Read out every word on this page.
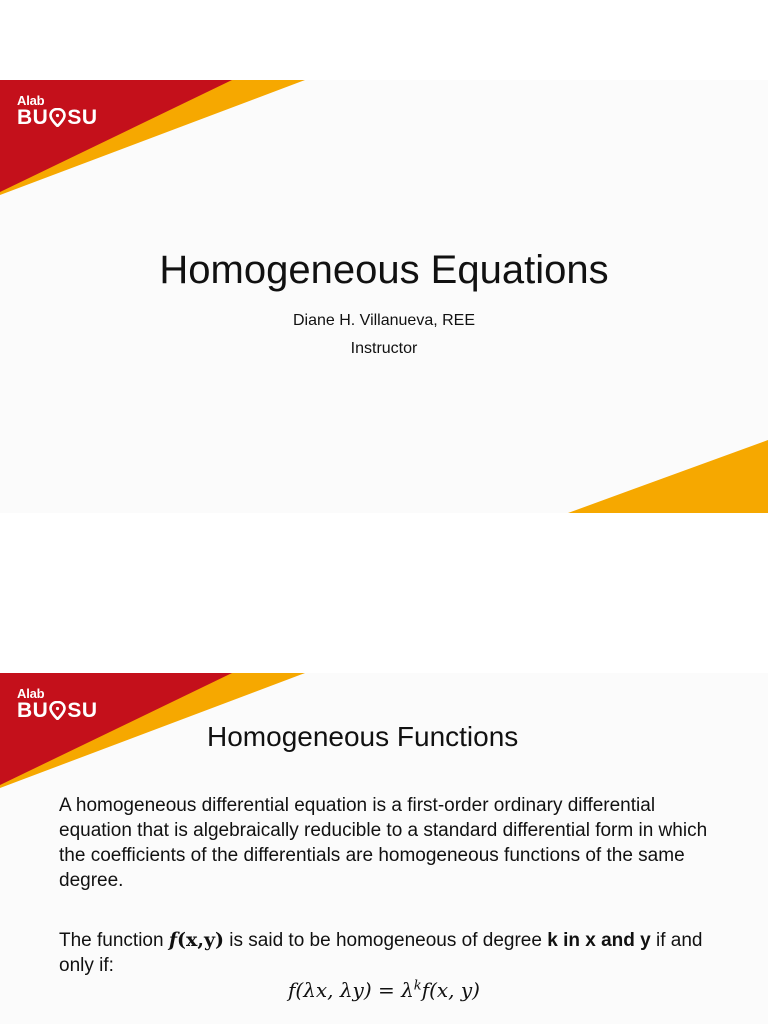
Alab
BU SU
Homogeneous Equations
Diane H. Villanueva, REE
Instructor
Alab
BU SU
Homogeneous Functions
A homogeneous differential equation is a first-order ordinary differential equation that is algebraically reducible to a standard differential form in which the coefficients of the differentials are homogeneous functions of the same degree.
The function f(x,y) is said to be homogeneous of degree k in x and y if and only if:
f(λx, $\lambda y) = \lambda^kf(x$, y)
